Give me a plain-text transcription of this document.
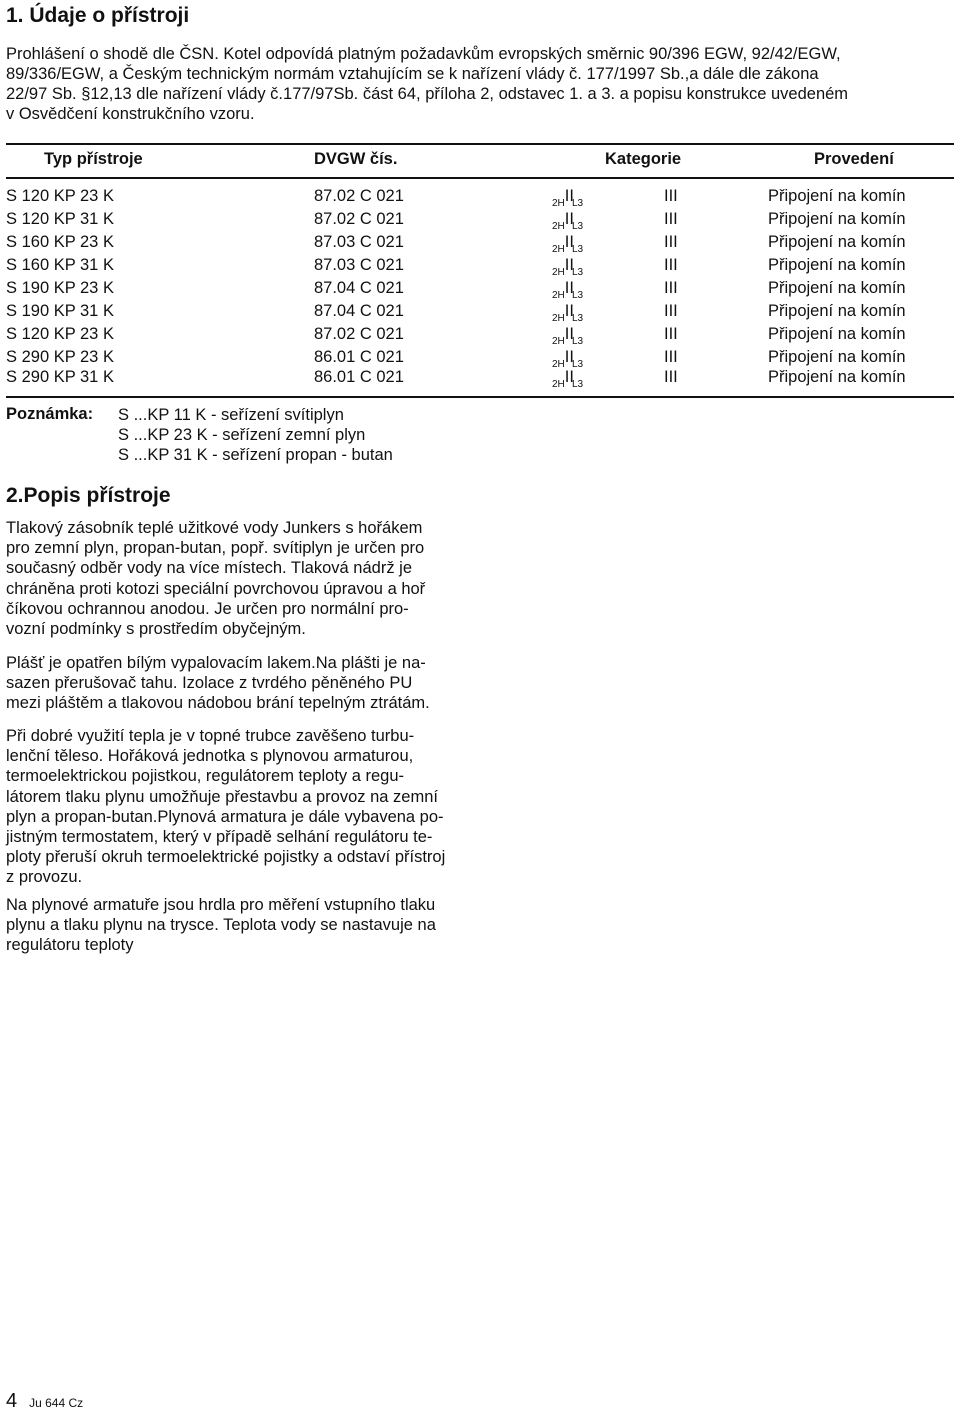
1. Údaje o přístroji
Prohlášení o shodě dle ČSN. Kotel odpovídá platným požadavkům evropských směrnic 90/396 EGW, 92/42/EGW,
89/336/EGW, a Českým technickým normám vztahujícím se k nařízení vlády č. 177/1997 Sb.,a dále dle zákona
22/97 Sb. §12,13 dle nařízení vlády č.177/97Sb. část 64, příloha 2, odstavec 1. a 3. a popisu konstrukce uvedeném
v Osvědčení konstrukčního vzoru.
Typ přístroje	DVGW čís.	Kategorie	Provedení
S 120 KP 23 K	87.02 C 021	$_{2H}II_{L3}$	III	Připojení na komín
S 120 KP 31 K	87.02 C 021	$_{2H}II_{L3}$	III	Připojení na komín
S 160 KP 23 K	87.03 C 021	$_{2H}II_{L3}$	III	Připojení na komín
S 160 KP 31 K	87.03 C 021	$_{2H}II_{L3}$	III	Připojení na komín
S 190 KP 23 K	87.04 C 021	$_{2H}II_{L3}$	III	Připojení na komín
S 190 KP 31 K	87.04 C 021	$_{2H}II_{L3}$	III	Připojení na komín
S 120 KP 23 K	87.02 C 021	$_{2H}II_{L3}$	III	Připojení na komín
S 290 KP 23 K	86.01 C 021	$_{2H}II_{L3}$	III	Připojení na komín
S 290 KP 31 K	86.01 C 021	$_{2H}II_{L3}$	III	Připojení na komín
Poznámka: S ...KP 11 K - seřízení svítiplyn
S ...KP 23 K - seřízení zemní plyn
S ...KP 31 K - seřízení propan - butan
2.Popis přístroje
Tlakový zásobník teplé užitkové vody Junkers s hořákem
pro zemní plyn, propan-butan, popř. svítiplyn je určen pro
současný odběr vody na více místech. Tlaková nádrž je
chráněna proti kotozi speciální povrchovou úpravou a hoř
číkovou ochrannou anodou. Je určen pro normální pro-
vozní podmínky s prostředím obyčejným.
Plášť je opatřen bílým vypalovacím lakem.Na plášti je na-
sazen přerušovač tahu. Izolace z tvrdého pěněného PU
mezi pláštěm a tlakovou nádobou brání tepelným ztrátám.
Při dobré využití tepla je v topné trubce zavěšeno turbu-
lenční těleso. Hořáková jednotka s plynovou armaturou,
termoelektrickou pojistkou, regulátorem teploty a regu-
látorem tlaku plynu umožňuje přestavbu a provoz na zemní
plyn a propan-butan.Plynová armatura je dále vybavena po-
jistným termostatem, který v případě selhání regulátoru te-
ploty přeruší okruh termoelektrické pojistky a odstaví přístroj
z provozu.
Na plynové armatuře jsou hrdla pro měření vstupního tlaku
plynu a tlaku plynu na trysce. Teplota vody se nastavuje na
regulátoru teploty
4 Ju 644 Cz
